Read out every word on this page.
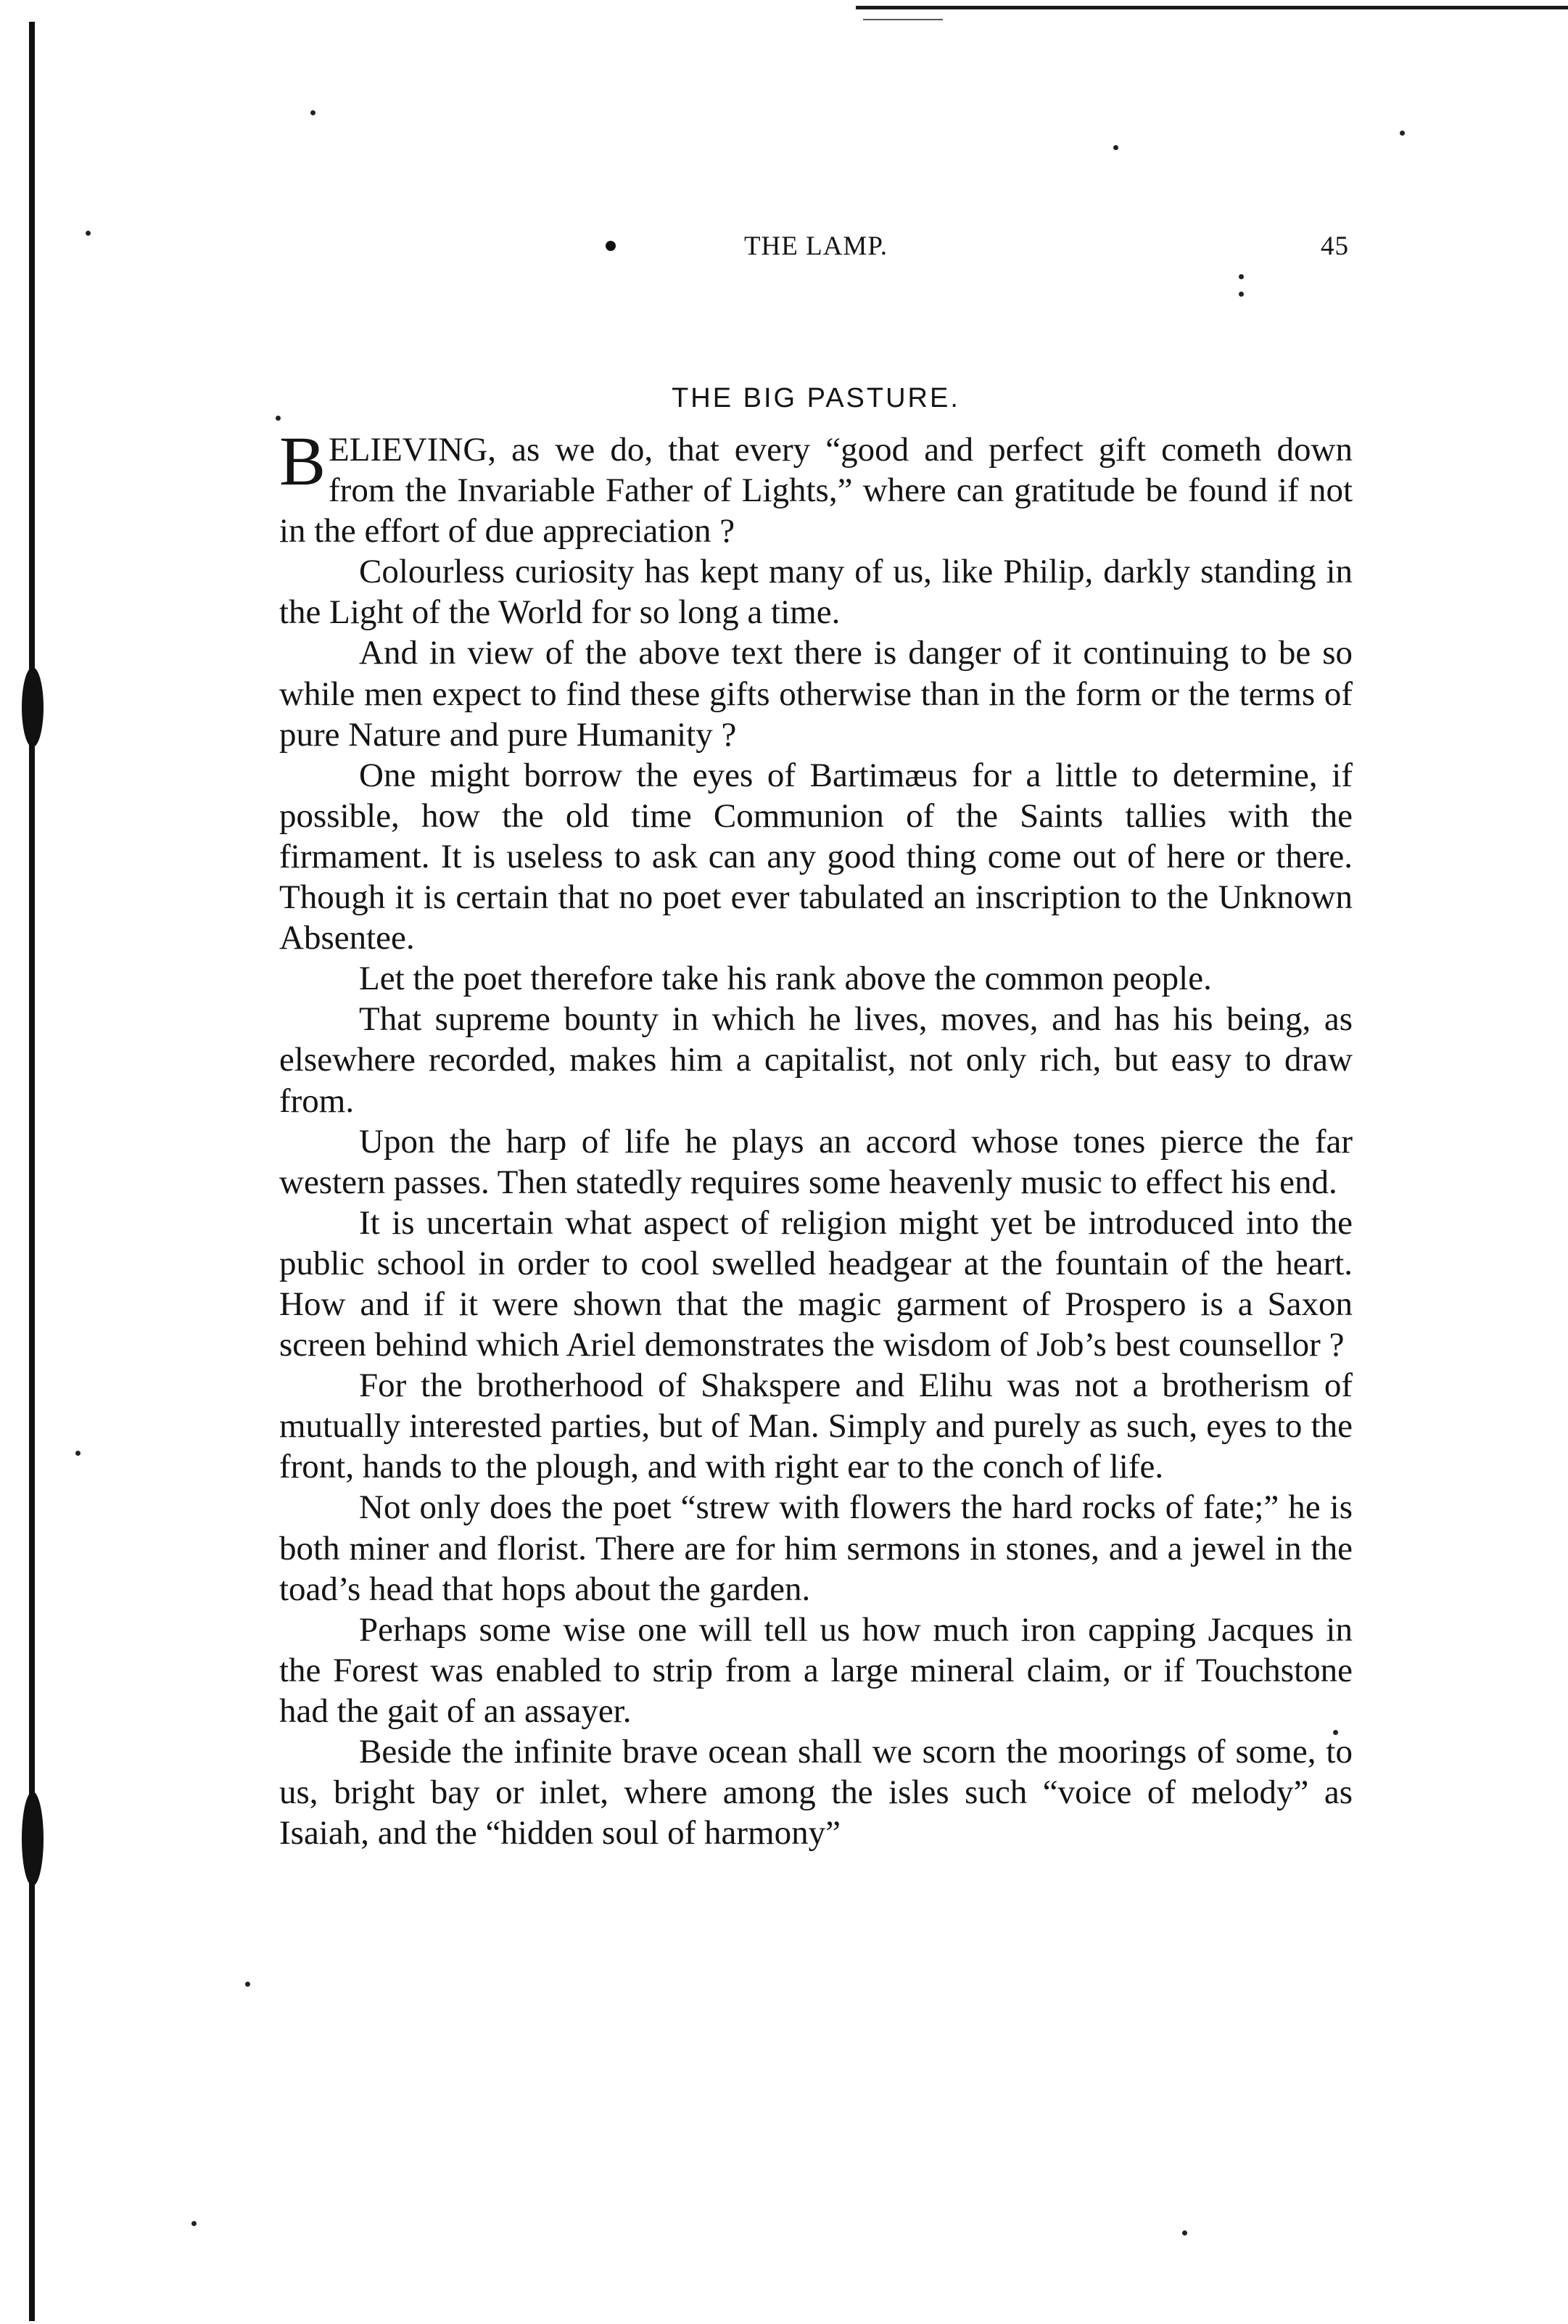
THE LAMP.	45
THE BIG PASTURE.

BELIEVING, as we do, that every “good and perfect gift cometh down from the Invariable Father of Lights,” where can gratitude be found if not in the effort of due appreciation ?

Colourless curiosity has kept many of us, like Philip, darkly standing in the Light of the World for so long a time.

And in view of the above text there is danger of it continuing to be so while men expect to find these gifts otherwise than in the form or the terms of pure Nature and pure Humanity ?

One might borrow the eyes of Bartimæus for a little to determine, if possible, how the old time Communion of the Saints tallies with the firmament. It is useless to ask can any good thing come out of here or there. Though it is certain that no poet ever tabulated an inscription to the Unknown Absentee.

Let the poet therefore take his rank above the common people.

That supreme bounty in which he lives, moves, and has his being, as elsewhere recorded, makes him a capitalist, not only rich, but easy to draw from.

Upon the harp of life he plays an accord whose tones pierce the far western passes. Then statedly requires some heavenly music to effect his end.

It is uncertain what aspect of religion might yet be introduced into the public school in order to cool swelled headgear at the fountain of the heart. How and if it were shown that the magic garment of Prospero is a Saxon screen behind which Ariel demonstrates the wisdom of Job’s best counsellor ?

For the brotherhood of Shakspere and Elihu was not a brotherism of mutually interested parties, but of Man. Simply and purely as such, eyes to the front, hands to the plough, and with right ear to the conch of life.

Not only does the poet “strew with flowers the hard rocks of fate;” he is both miner and florist. There are for him sermons in stones, and a jewel in the toad’s head that hops about the garden.

Perhaps some wise one will tell us how much iron capping Jacques in the Forest was enabled to strip from a large mineral claim, or if Touchstone had the gait of an assayer.

Beside the infinite brave ocean shall we scorn the moorings of some, to us, bright bay or inlet, where among the isles such “voice of melody” as Isaiah, and the “hidden soul of harmony”
